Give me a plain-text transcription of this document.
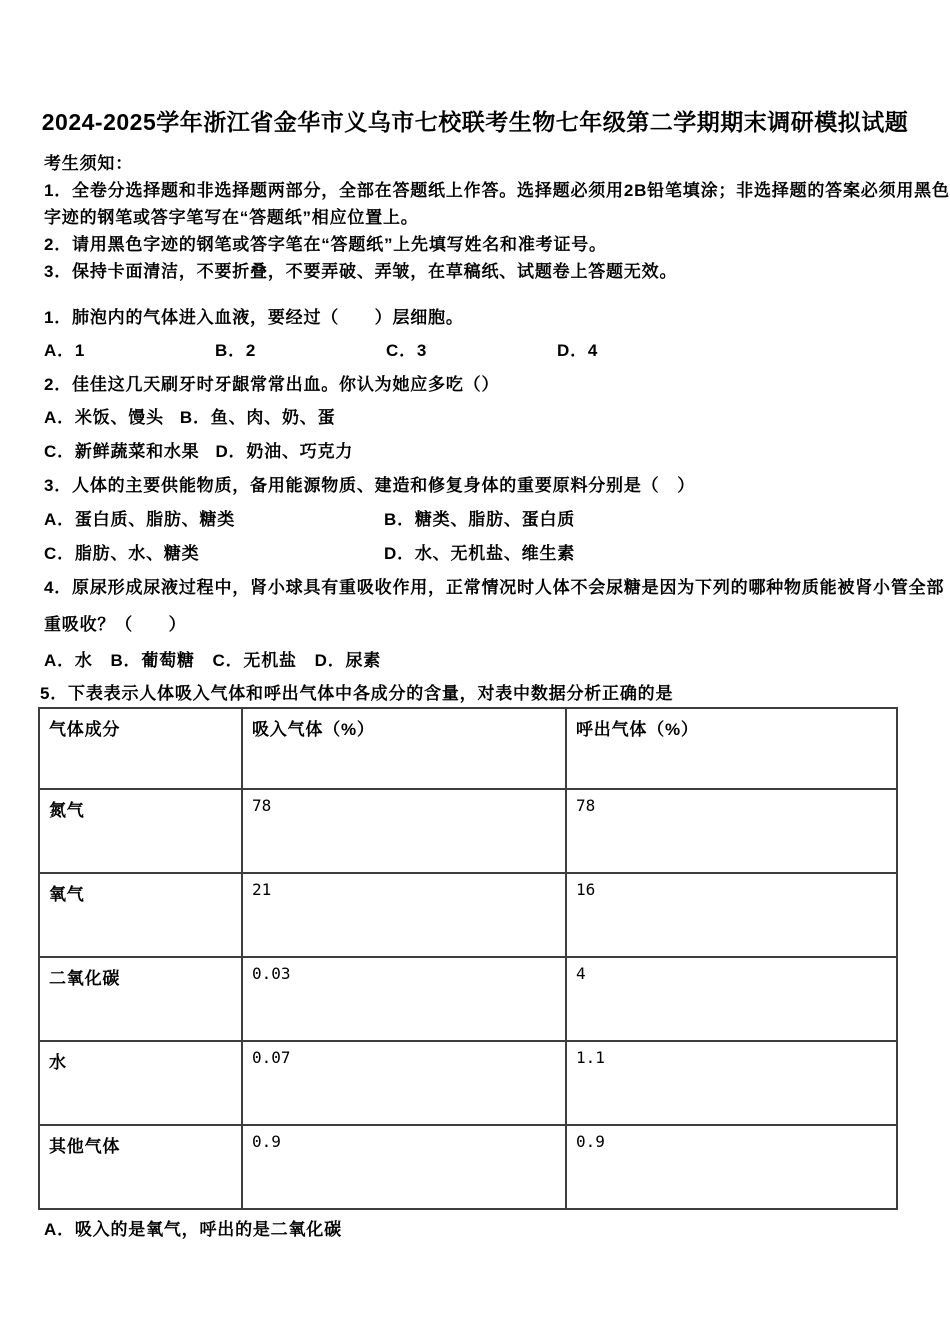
2024-2025学年浙江省金华市义乌市七校联考生物七年级第二学期期末调研模拟试题
考生须知：
1．全卷分选择题和非选择题两部分，全部在答题纸上作答。选择题必须用2B铅笔填涂；非选择题的答案必须用黑色
字迹的钢笔或答字笔写在“答题纸”相应位置上。
2．请用黑色字迹的钢笔或答字笔在“答题纸”上先填写姓名和准考证号。
3．保持卡面清洁，不要折叠，不要弄破、弄皱，在草稿纸、试题卷上答题无效。
1．肺泡内的气体进入血液，要经过（　　）层细胞。
A．1	B．2	C．3	D．4
2．佳佳这几天刷牙时牙龈常常出血。你认为她应多吃（）
A．米饭、馒头 B．鱼、肉、奶、蛋
C．新鲜蔬菜和水果 D．奶油、巧克力
3．人体的主要供能物质，备用能源物质、建造和修复身体的重要原料分别是（　）
A．蛋白质、脂肪、糖类	B．糖类、脂肪、蛋白质
C．脂肪、水、糖类	D．水、无机盐、维生素
4．原尿形成尿液过程中，肾小球具有重吸收作用，正常情况时人体不会尿糖是因为下列的哪种物质能被肾小管全部
重吸收？（　　）
A．水　B．葡萄糖　C．无机盐　D．尿素
5．下表表示人体吸入气体和呼出气体中各成分的含量，对表中数据分析正确的是
气体成分	吸入气体（%）	呼出气体（%）
氮气	78	78
氧气	21	16
二氧化碳	0.03	4
水	0.07	1.1
其他气体	0.9	0.9
A．吸入的是氧气，呼出的是二氧化碳
